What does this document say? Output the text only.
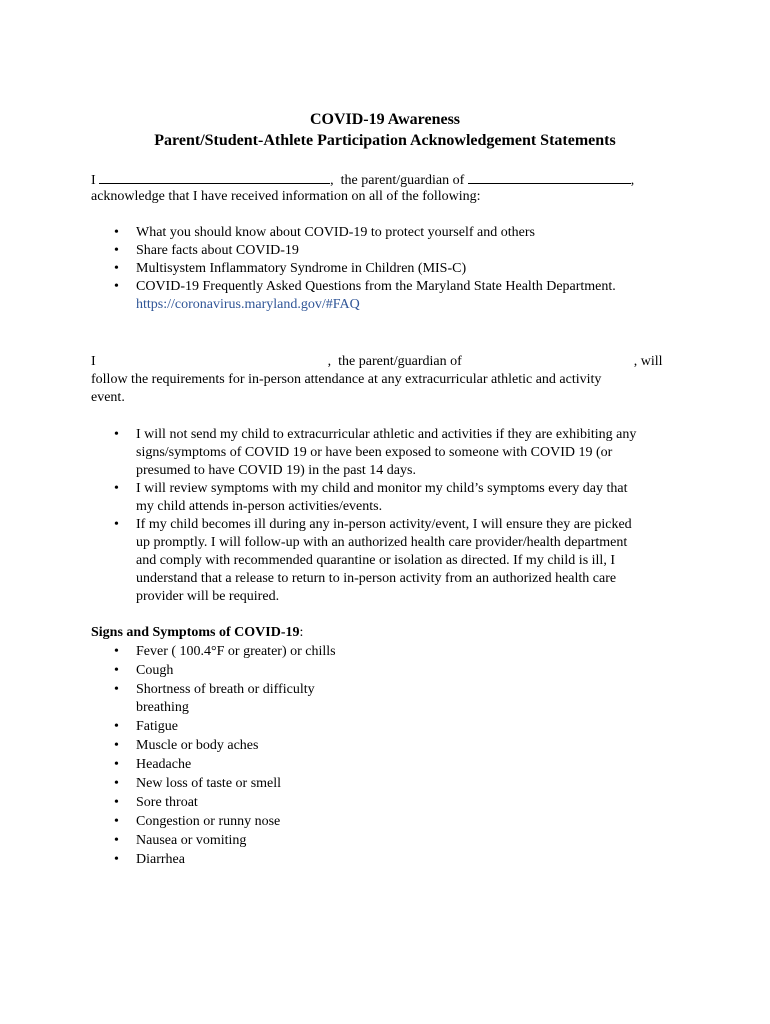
COVID-19 Awareness
Parent/Student-Athlete Participation Acknowledgement Statements
I	,  the parent/guardian of	,
acknowledge that I have received information on all of the following:
• What you should know about COVID-19 to protect yourself and others
• Share facts about COVID-19
• Multisystem Inflammatory Syndrome in Children (MIS-C)
• COVID-19 Frequently Asked Questions from the Maryland State Health Department.
https://coronavirus.maryland.gov/#FAQ
I	,  the parent/guardian of	, will
follow the requirements for in-person attendance at any extracurricular athletic and activity
event.
• I will not send my child to extracurricular athletic and activities if they are exhibiting any
signs/symptoms of COVID 19 or have been exposed to someone with COVID 19 (or
presumed to have COVID 19) in the past 14 days.
• I will review symptoms with my child and monitor my child’s symptoms every day that
my child attends in-person activities/events.
• If my child becomes ill during any in-person activity/event, I will ensure they are picked
up promptly. I will follow-up with an authorized health care provider/health department
and comply with recommended quarantine or isolation as directed. If my child is ill, I
understand that a release to return to in-person activity from an authorized health care
provider will be required.
Signs and Symptoms of COVID-19:
• Fever ( 100.4°F or greater) or chills
• Cough
• Shortness of breath or difficulty
breathing
• Fatigue
• Muscle or body aches
• Headache
• New loss of taste or smell
• Sore throat
• Congestion or runny nose
• Nausea or vomiting
• Diarrhea
